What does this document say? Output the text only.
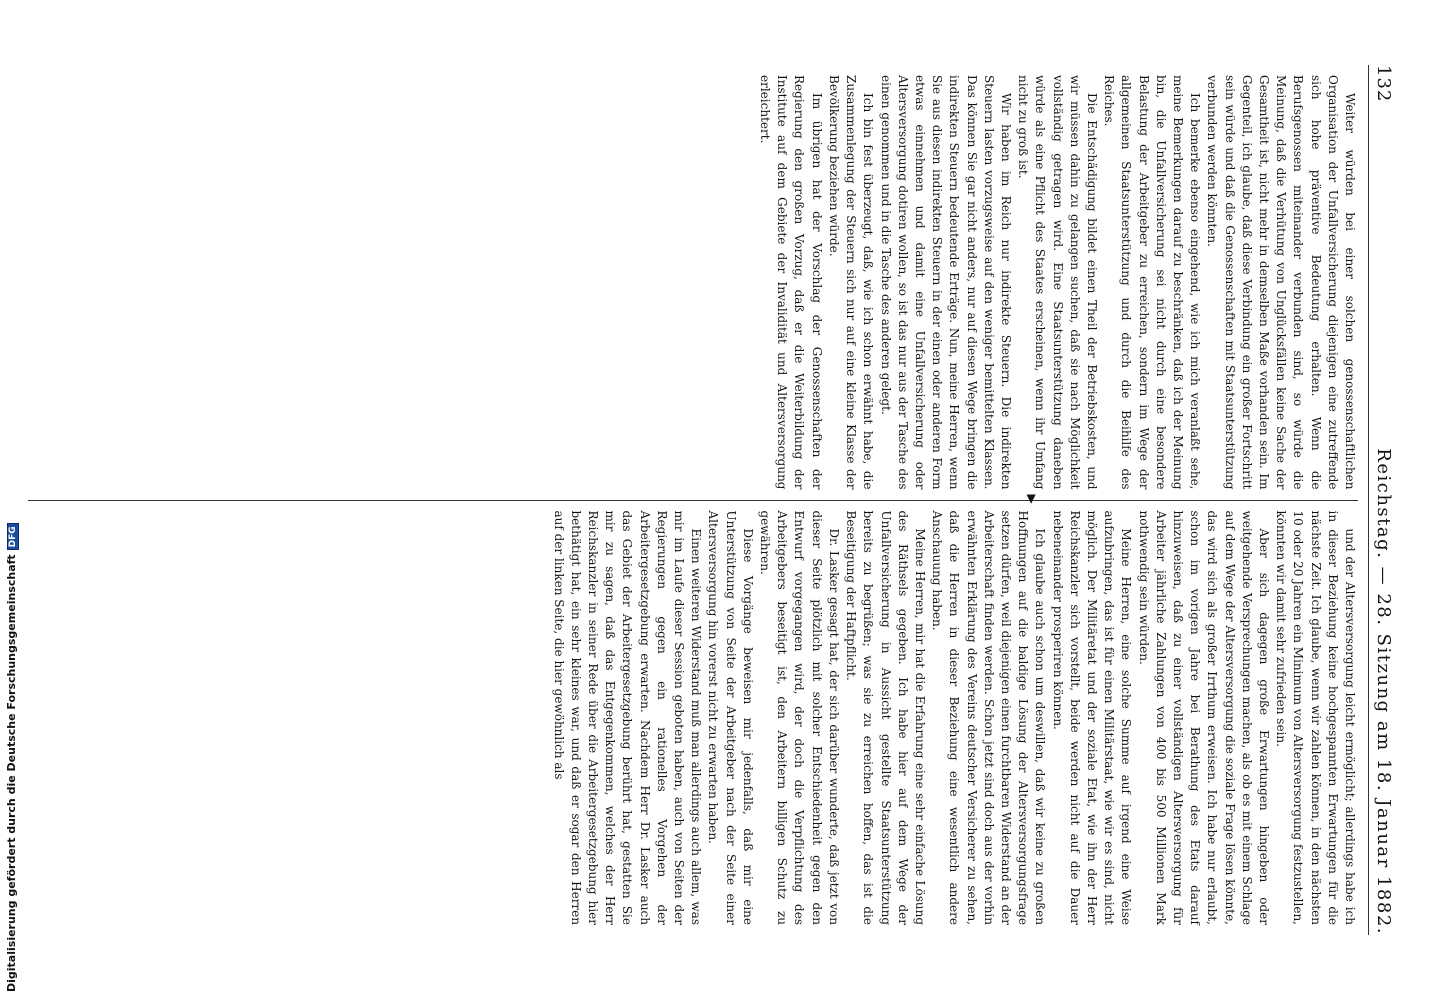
132
Reichstag. — 28. Sitzung am 18. Januar 1882.

Weiter würden bei einer solchen genossenschaftlichen Organisation der Unfallversicherung diejenigen eine zutreffende sich hohe präventive Bedeutung erhalten. Wenn die Berufsgenossen miteinander verbunden sind, so würde die Meinung, daß die Verhütung von Unglücksfällen keine Sache der Gesamtheit ist, nicht mehr in demselben Maße vorhanden sein. Im Gegenteil, ich glaube, daß diese Verbindung ein großer Fortschritt sein würde und daß die Genossenschaften mit Staatsunterstützung verbunden werden könnten.

Ich bemerke ebenso eingehend, wie ich mich veranlaßt sehe, meine Bemerkungen darauf zu beschränken, daß ich der Meinung bin, die Unfallversicherung sei nicht durch eine besondere Belastung der Arbeitgeber zu erreichen, sondern im Wege der allgemeinen Staatsunterstützung und durch die Beihilfe des Reiches.

Die Entschädigung bildet einen Theil der Betriebskosten, und wir müssen dahin zu gelangen suchen, daß sie nach Möglichkeit vollständig getragen wird. Eine Staatsunterstützung daneben würde als eine Pflicht des Staates erscheinen, wenn ihr Umfang nicht zu groß ist.

Wir haben im Reich nur indirekte Steuern. Die indirekten Steuern lasten vorzugsweise auf den weniger bemittelten Klassen. Das können Sie gar nicht anders, nur auf diesen Wege bringen die indirekten Steuern bedeutende Erträge. Nun, meine Herren, wenn Sie aus diesen indirekten Steuern in der einen oder anderen Form etwas einnehmen und damit eine Unfallversicherung oder Altersversorgung dotiren wollen, so ist das nur aus der Tasche des einen genommen und in die Tasche des anderen gelegt.

Ich bin fest überzeugt, daß, wie ich schon erwähnt habe, die Zusammenlegung der Steuern sich nur auf eine kleine Klasse der Bevölkerung beziehen würde.

Im übrigen hat der Vorschlag der Genossenschaften der Regierung den großen Vorzug, daß er die Weiterbildung der Institute auf dem Gebiete der Invalidität und Altersversorgung erleichtert.

▶

und der Altersversorgung leicht ermöglicht; allerdings habe ich in dieser Beziehung keine hochgespannten Erwartungen für die nächste Zeit. Ich glaube, wenn wir zahlen können, in den nächsten 10 oder 20 Jahren ein Minimum von Altersversorgung festzustellen, könnten wir damit sehr zufrieden sein.

Aber sich dagegen große Erwartungen hingeben oder weitgehende Versprechungen machen, als ob es mit einem Schlage auf dem Wege der Altersversorgung die soziale Frage lösen könnte, das wird sich als großer Irrthum erweisen. Ich habe nur erlaubt, schon im vorigen Jahre bei Berathung des Etats darauf hinzuweisen, daß zu einer vollständigen Altersversorgung für Arbeiter jährliche Zahlungen von 400 bis 500 Millionen Mark nothwendig sein würden.

Meine Herren, eine solche Summe auf irgend eine Weise aufzubringen, das ist für einen Militärstaat, wie wir es sind, nicht möglich. Der Militäretat und der soziale Etat, wie ihn der Herr Reichskanzler sich vorstellt, beide werden nicht auf die Dauer nebeneinander prosperiren können.

Ich glaube auch schon um deswillen, daß wir keine zu großen Hoffnungen auf die baldige Lösung der Altersversorgungsfrage setzen dürfen, weil diejenigen einen furchtbaren Widerstand an der Arbeiterschaft finden werden. Schon jetzt sind doch aus der vorhin erwähnten Erklärung des Vereins deutscher Versicherer zu sehen, daß die Herren in dieser Beziehung eine wesentlich andere Anschauung haben.

Meine Herren, mir hat die Erfahrung eine sehr einfache Lösung des Räthsels gegeben. Ich habe hier auf dem Wege der Unfallversicherung in Aussicht gestellte Staatsunterstützung bereits zu begrüßen; was sie zu erreichen hoffen, das ist die Beseitigung der Haftpflicht.

Dr. Lasker gesagt hat, der sich darüber wunderte, daß jetzt von dieser Seite plötzlich mit solcher Entschiedenheit gegen den Entwurf vorgegangen wird, der doch die Verpflichtung des Arbeitgebers beseitigt ist, den Arbeitern billigen Schutz zu gewähren.

Diese Vorgänge beweisen mir jedenfalls, daß mir eine Unterstützung von Seite der Arbeitgeber nach der Seite einer Altersversorgung hin vorerst nicht zu erwarten haben.

Einen weiteren Widerstand muß man allerdings auch allem, was mir im Laufe dieser Session geboten haben, auch von Seiten der Regierungen gegen ein rationelles Vorgehen der Arbeitergesetzgebung erwarten. Nachdem Herr Dr. Lasker auch das Gebiet der Arbeitergesetzgebung berührt hat, gestatten Sie mir zu sagen, daß das Entgegenkommen, welches der Herr Reichskanzler in seiner Rede über die Arbeitergesetzgebung hier bethätigt hat, ein sehr kleines war, und daß er sogar den Herren auf der linken Seite, die hier gewöhnlich als

Digitalisierung gefördert durch die Deutsche ForschungsgemeinschaftDFG
